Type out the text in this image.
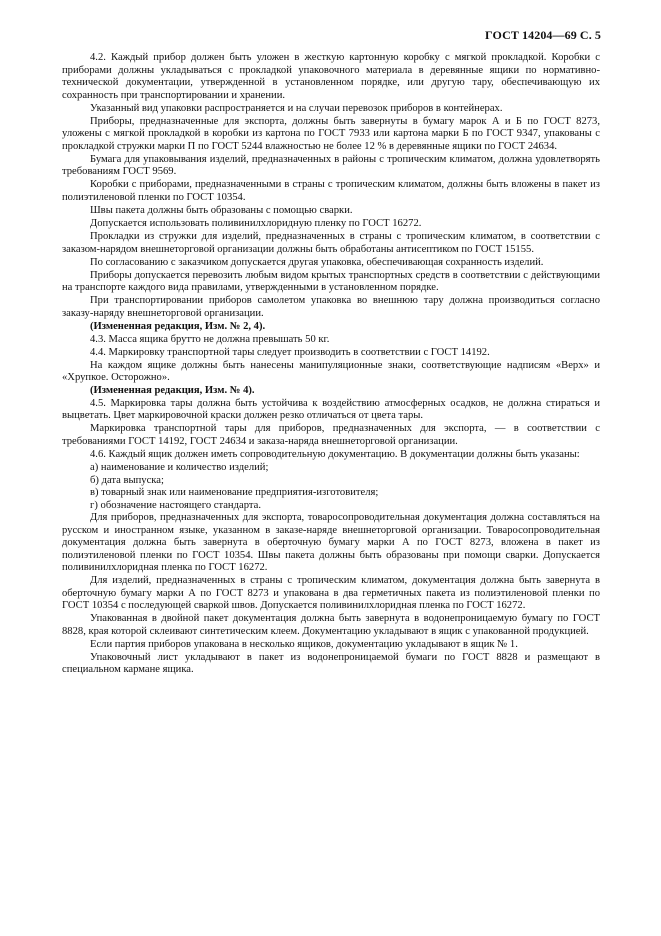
ГОСТ 14204—69 С. 5
4.2. Каждый прибор должен быть уложен в жесткую картонную коробку с мягкой прокладкой. Коробки с приборами должны укладываться с прокладкой упаковочного материала в деревянные ящики по нормативно-технической документации, утвержденной в установленном порядке, или другую тару, обеспечивающую их сохранность при транспортировании и хранении.
Указанный вид упаковки распространяется и на случаи перевозок приборов в контейнерах.
Приборы, предназначенные для экспорта, должны быть завернуты в бумагу марок А и Б по ГОСТ 8273, уложены с мягкой прокладкой в коробки из картона по ГОСТ 7933 или картона марки Б по ГОСТ 9347, упакованы с прокладкой стружки марки П по ГОСТ 5244 влажностью не более 12 % в деревянные ящики по ГОСТ 24634.
Бумага для упаковывания изделий, предназначенных в районы с тропическим климатом, должна удовлетворять требованиям ГОСТ 9569.
Коробки с приборами, предназначенными в страны с тропическим климатом, должны быть вложены в пакет из полиэтиленовой пленки по ГОСТ 10354.
Швы пакета должны быть образованы с помощью сварки.
Допускается использовать поливинилхлоридную пленку по ГОСТ 16272.
Прокладки из стружки для изделий, предназначенных в страны с тропическим климатом, в соответствии с заказом-нарядом внешнеторговой организации должны быть обработаны антисептиком по ГОСТ 15155.
По согласованию с заказчиком допускается другая упаковка, обеспечивающая сохранность изделий.
Приборы допускается перевозить любым видом крытых транспортных средств в соответствии с действующими на транспорте каждого вида правилами, утвержденными в установленном порядке.
При транспортировании приборов самолетом упаковка во внешнюю тару должна производиться согласно заказу-наряду внешнеторговой организации.
(Измененная редакция, Изм. № 2, 4).
4.3. Масса ящика брутто не должна превышать 50 кг.
4.4. Маркировку транспортной тары следует производить в соответствии с ГОСТ 14192.
На каждом ящике должны быть нанесены манипуляционные знаки, соответствующие надписям «Верх» и «Хрупкое. Осторожно».
(Измененная редакция, Изм. № 4).
4.5. Маркировка тары должна быть устойчива к воздействию атмосферных осадков, не должна стираться и выцветать. Цвет маркировочной краски должен резко отличаться от цвета тары.
Маркировка транспортной тары для приборов, предназначенных для экспорта, — в соответствии с требованиями ГОСТ 14192, ГОСТ 24634 и заказа-наряда внешнеторговой организации.
4.6. Каждый ящик должен иметь сопроводительную документацию. В документации должны быть указаны:
а) наименование и количество изделий;
б) дата выпуска;
в) товарный знак или наименование предприятия-изготовителя;
г) обозначение настоящего стандарта.
Для приборов, предназначенных для экспорта, товаросопроводительная документация должна составляться на русском и иностранном языке, указанном в заказе-наряде внешнеторговой организации. Товаросопроводительная документация должна быть завернута в оберточную бумагу марки А по ГОСТ 8273, вложена в пакет из полиэтиленовой пленки по ГОСТ 10354. Швы пакета должны быть образованы при помощи сварки. Допускается поливинилхлоридная пленка по ГОСТ 16272.
Для изделий, предназначенных в страны с тропическим климатом, документация должна быть завернута в оберточную бумагу марки А по ГОСТ 8273 и упакована в два герметичных пакета из полиэтиленовой пленки по ГОСТ 10354 с последующей сваркой швов. Допускается поливинилхлоридная пленка по ГОСТ 16272.
Упакованная в двойной пакет документация должна быть завернута в водонепроницаемую бумагу по ГОСТ 8828, края которой склеивают синтетическим клеем. Документацию укладывают в ящик с упакованной продукцией.
Если партия приборов упакована в несколько ящиков, документацию укладывают в ящик № 1.
Упаковочный лист укладывают в пакет из водонепроницаемой бумаги по ГОСТ 8828 и размещают в специальном кармане ящика.
